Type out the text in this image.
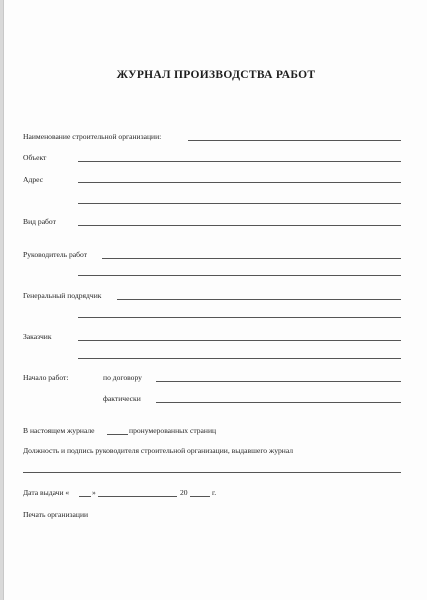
ЖУРНАЛ ПРОИЗВОДСТВА РАБОТ
Наименование строительной организации:
Объект
Адрес
Вид работ
Руководитель работ
Генеральный подрядчик
Заказчик
Начало работ:	по договору
фактически
В настоящем журнале	пронумерованных страниц
Должность и подпись руководителя строительной организации, выдавшего журнал
Дата выдачи «	»	20	г.
Печать организации
